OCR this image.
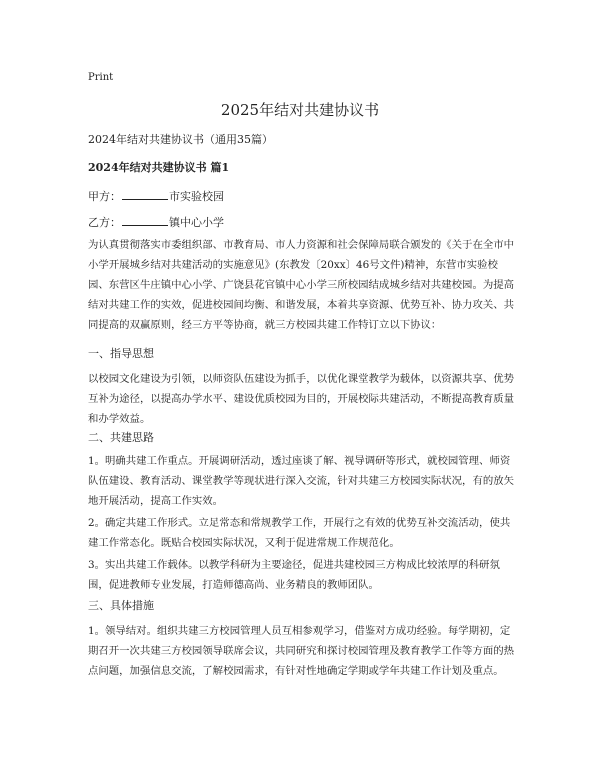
Print

2025年结对共建协议书

2024年结对共建协议书（通用35篇）

2024年结对共建协议书 篇1

甲方：	市实验校园

乙方：	镇中心小学

为认真贯彻落实市委组织部、市教育局、市人力资源和社会保障局联合颁发的《关于在全市中小学开展城乡结对共建活动的实施意见》(东教发〔20xx〕46号文件)精神，东营市实验校园、东营区牛庄镇中心小学、广饶县花官镇中心小学三所校园结成城乡结对共建校园。为提高结对共建工作的实效，促进校园间均衡、和谐发展，本着共享资源、优势互补、协力攻关、共同提高的双赢原则，经三方平等协商，就三方校园共建工作特订立以下协议：

一、指导思想

以校园文化建设为引领，以师资队伍建设为抓手，以优化课堂教学为载体，以资源共享、优势互补为途径，以提高办学水平、建设优质校园为目的，开展校际共建活动，不断提高教育质量和办学效益。

二、共建思路

1。明确共建工作重点。开展调研活动，透过座谈了解、视导调研等形式，就校园管理、师资队伍建设、教育活动、课堂教学等现状进行深入交流，针对共建三方校园实际状况，有的放矢地开展活动，提高工作实效。

2。确定共建工作形式。立足常态和常规教学工作，开展行之有效的优势互补交流活动，使共建工作常态化。既贴合校园实际状况，又利于促进常规工作规范化。

3。实出共建工作载体。以教学科研为主要途径，促进共建校园三方构成比较浓厚的科研氛围，促进教师专业发展，打造师德高尚、业务精良的教师团队。

三、具体措施

1。领导结对。组织共建三方校园管理人员互相参观学习，借鉴对方成功经验。每学期初，定期召开一次共建三方校园领导联席会议，共同研究和探讨校园管理及教育教学工作等方面的热点问题，加强信息交流，了解校园需求，有针对性地确定学期或学年共建工作计划及重点。
